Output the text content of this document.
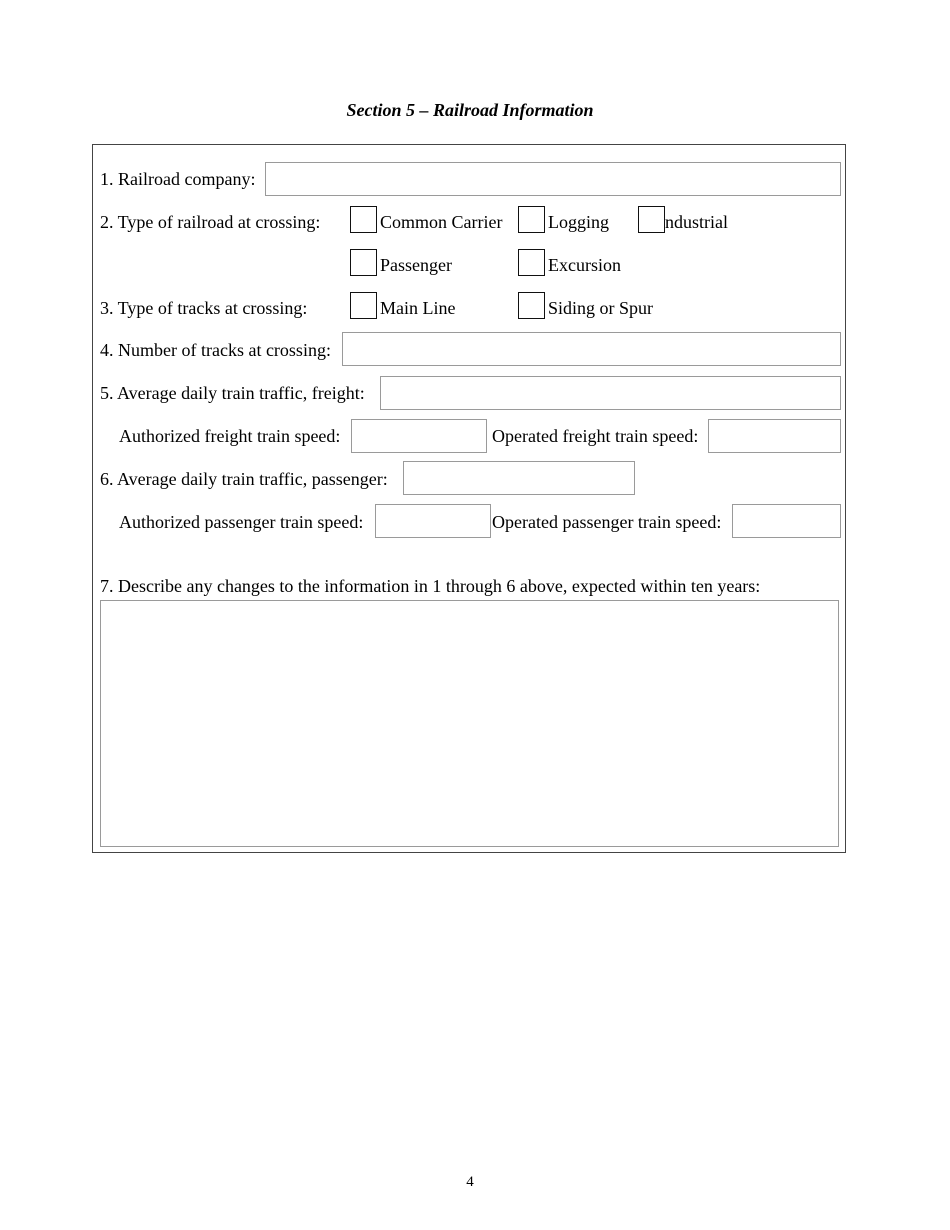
Section 5 – Railroad Information
1. Railroad company:
2. Type of railroad at crossing:	Common Carrier	Logging	ndustrial
Passenger	Excursion
3. Type of tracks at crossing:	Main Line	Siding or Spur
4. Number of tracks at crossing:
5. Average daily train traffic, freight:
Authorized freight train speed:	Operated freight train speed:
6. Average daily train traffic, passenger:
Authorized passenger train speed:	Operated passenger train speed:
7. Describe any changes to the information in 1 through 6 above, expected within ten years:
4
